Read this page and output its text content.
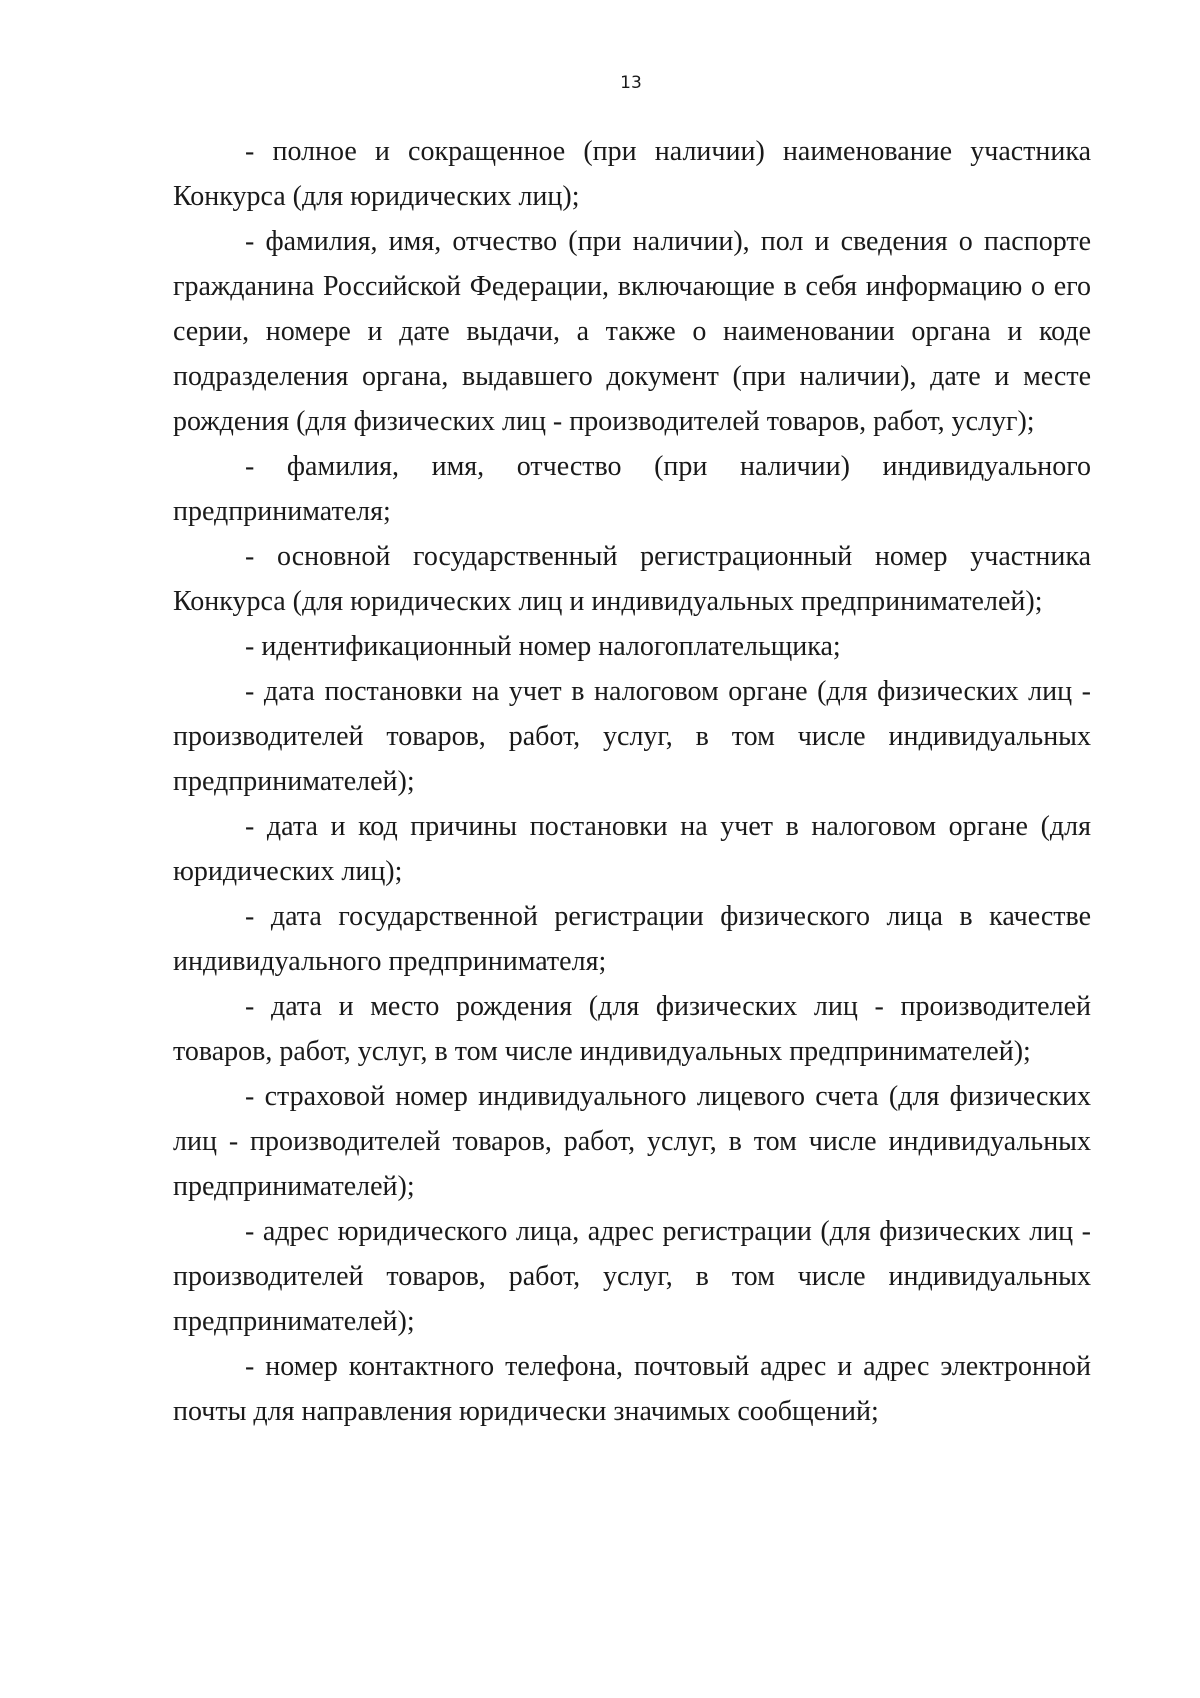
13

- полное и сокращенное (при наличии) наименование участника Конкурса (для юридических лиц);

- фамилия, имя, отчество (при наличии), пол и сведения о паспорте гражданина Российской Федерации, включающие в себя информацию о его серии, номере и дате выдачи, а также о наименовании органа и коде подразделения органа, выдавшего документ (при наличии), дате и месте рождения (для физических лиц - производителей товаров, работ, услуг);

- фамилия, имя, отчество (при наличии) индивидуального предпринимателя;

- основной государственный регистрационный номер участника Конкурса (для юридических лиц и индивидуальных предпринимателей);

- идентификационный номер налогоплательщика;

- дата постановки на учет в налоговом органе (для физических лиц - производителей товаров, работ, услуг, в том числе индивидуальных предпринимателей);

- дата и код причины постановки на учет в налоговом органе (для юридических лиц);

- дата государственной регистрации физического лица в качестве индивидуального предпринимателя;

- дата и место рождения (для физических лиц - производителей товаров, работ, услуг, в том числе индивидуальных предпринимателей);

- страховой номер индивидуального лицевого счета (для физических лиц - производителей товаров, работ, услуг, в том числе индивидуальных предпринимателей);

- адрес юридического лица, адрес регистрации (для физических лиц - производителей товаров, работ, услуг, в том числе индивидуальных предпринимателей);

- номер контактного телефона, почтовый адрес и адрес электронной почты для направления юридически значимых сообщений;
